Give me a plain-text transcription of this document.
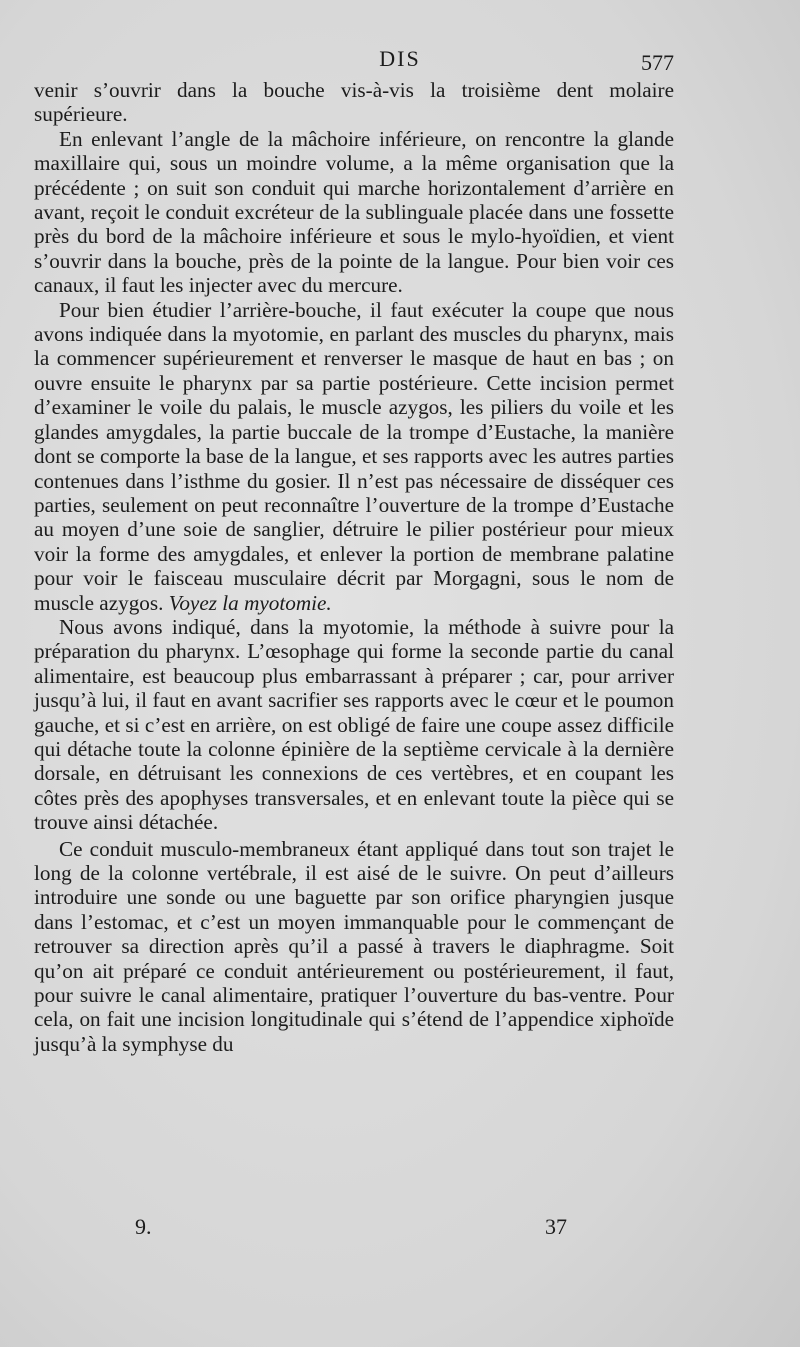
DIS	577

venir s’ouvrir dans la bouche vis-à-vis la troisième dent molaire supérieure.

En enlevant l’angle de la mâchoire inférieure, on rencontre la glande maxillaire qui, sous un moindre volume, a la même organisation que la précédente ; on suit son conduit qui marche horizontalement d’arrière en avant, reçoit le conduit excréteur de la sublinguale placée dans une fossette près du bord de la mâchoire inférieure et sous le mylo-hyoïdien, et vient s’ouvrir dans la bouche, près de la pointe de la langue. Pour bien voir ces canaux, il faut les injecter avec du mercure.

Pour bien étudier l’arrière-bouche, il faut exécuter la coupe que nous avons indiquée dans la myotomie, en parlant des muscles du pharynx, mais la commencer supérieurement et renverser le masque de haut en bas ; on ouvre ensuite le pharynx par sa partie postérieure. Cette incision permet d’examiner le voile du palais, le muscle azygos, les piliers du voile et les glandes amygdales, la partie buccale de la trompe d’Eustache, la manière dont se comporte la base de la langue, et ses rapports avec les autres parties contenues dans l’isthme du gosier. Il n’est pas nécessaire de disséquer ces parties, seulement on peut reconnaître l’ouverture de la trompe d’Eustache au moyen d’une soie de sanglier, détruire le pilier postérieur pour mieux voir la forme des amygdales, et enlever la portion de membrane palatine pour voir le faisceau musculaire décrit par Morgagni, sous le nom de muscle azygos. Voyez la myotomie.

Nous avons indiqué, dans la myotomie, la méthode à suivre pour la préparation du pharynx. L’œsophage qui forme la seconde partie du canal alimentaire, est beaucoup plus embarrassant à préparer ; car, pour arriver jusqu’à lui, il faut en avant sacrifier ses rapports avec le cœur et le poumon gauche, et si c’est en arrière, on est obligé de faire une coupe assez difficile qui détache toute la colonne épinière de la septième cervicale à la dernière dorsale, en détruisant les connexions de ces vertèbres, et en coupant les côtes près des apophyses transversales, et en enlevant toute la pièce qui se trouve ainsi détachée.

Ce conduit musculo-membraneux étant appliqué dans tout son trajet le long de la colonne vertébrale, il est aisé de le suivre. On peut d’ailleurs introduire une sonde ou une baguette par son orifice pharyngien jusque dans l’estomac, et c’est un moyen immanquable pour le commençant de retrouver sa direction après qu’il a passé à travers le diaphragme. Soit qu’on ait préparé ce conduit antérieurement ou postérieurement, il faut, pour suivre le canal alimentaire, pratiquer l’ouverture du bas-ventre. Pour cela, on fait une incision longitudinale qui s’étend de l’appendice xiphoïde jusqu’à la symphyse du

9.	37
